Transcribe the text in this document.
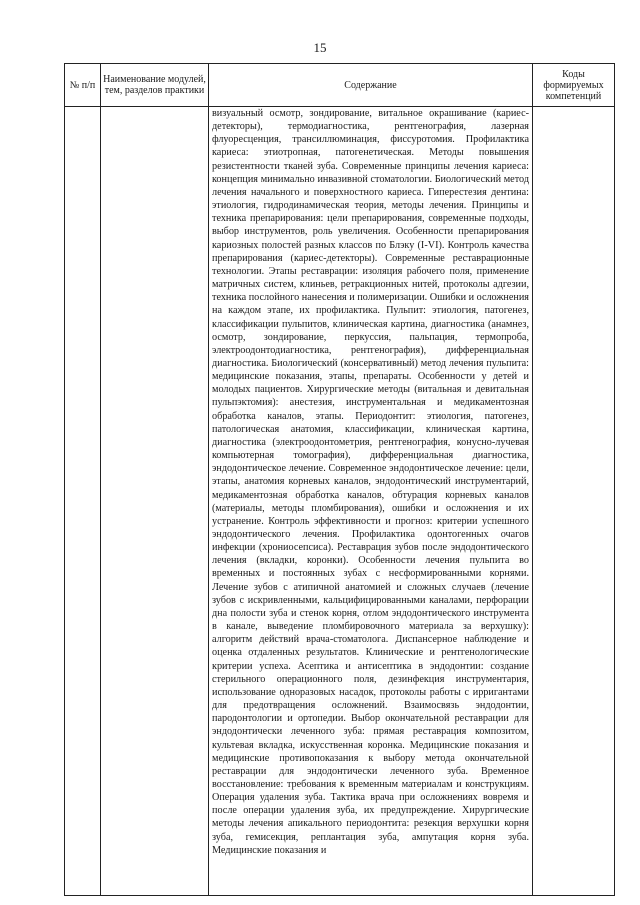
15
№ п/п	Наименование модулей, тем, разделов практики	Содержание	Коды формируемых компетенций

		визуальный осмотр, зондирование, витальное окрашивание (кариес-детекторы), термодиагностика, рентгенография, лазерная флуоресценция, трансиллюминация, фиссуротомия. Профилактика кариеса: этиотропная, патогенетическая. Методы повышения резистентности тканей зуба. Современные принципы лечения кариеса: концепция минимально инвазивной стоматологии. Биологический метод лечения начального и поверхностного кариеса. Гиперестезия дентина: этиология, гидродинамическая теория, методы лечения. Принципы и техника препарирования: цели препарирования, современные подходы, выбор инструментов, роль увеличения. Особенности препарирования кариозных полостей разных классов по Блэку (I-VI). Контроль качества препарирования (кариес-детекторы). Современные реставрационные технологии. Этапы реставрации: изоляция рабочего поля, применение матричных систем, клиньев, ретракционных нитей, протоколы адгезии, техника послойного нанесения и полимеризации. Ошибки и осложнения на каждом этапе, их профилактика. Пульпит: этиология, патогенез, классификации пульпитов, клиническая картина, диагностика (анамнез, осмотр, зондирование, перкуссия, пальпация, термопроба, электроодонтодиагностика, рентгенография), дифференциальная диагностика. Биологический (консервативный) метод лечения пульпита: медицинские показания, этапы, препараты. Особенности у детей и молодых пациентов. Хирургические методы (витальная и девитальная пульпэктомия): анестезия, инструментальная и медикаментозная обработка каналов, этапы. Периодонтит: этиология, патогенез, патологическая анатомия, классификации, клиническая картина, диагностика (электроодонтометрия, рентгенография, конусно-лучевая компьютерная томография), дифференциальная диагностика, эндодонтическое лечение. Современное эндодонтическое лечение: цели, этапы, анатомия корневых каналов, эндодонтический инструментарий, медикаментозная обработка каналов, обтурация корневых каналов (материалы, методы пломбирования), ошибки и осложнения и их устранение. Контроль эффективности и прогноз: критерии успешного эндодонтического лечения. Профилактика одонтогенных очагов инфекции (хрониосепсиса). Реставрация зубов после эндодонтического лечения (вкладки, коронки). Особенности лечения пульпита во временных и постоянных зубах с несформированными корнями. Лечение зубов с атипичной анатомией и сложных случаев (лечение зубов с искривленными, кальцифицированными каналами, перфорации дна полости зуба и стенок корня, отлом эндодонтического инструмента в канале, выведение пломбировочного материала за верхушку): алгоритм действий врача-стоматолога. Диспансерное наблюдение и оценка отдаленных результатов. Клинические и рентгенологические критерии успеха. Асептика и антисептика в эндодонтии: создание стерильного операционного поля, дезинфекция инструментария, использование одноразовых насадок, протоколы работы с ирригантами для предотвращения осложнений. Взаимосвязь эндодонтии, пародонтологии и ортопедии. Выбор окончательной реставрации для эндодонтически леченного зуба: прямая реставрация композитом, культевая вкладка, искусственная коронка. Медицинские показания и медицинские противопоказания к выбору метода окончательной реставрации для эндодонтически леченного зуба. Временное восстановление: требования к временным материалам и конструкциям. Операция удаления зуба. Тактика врача при осложнениях вовремя и после операции удаления зуба, их предупреждение. Хирургические методы лечения апикального периодонтита: резекция верхушки корня зуба, гемисекция, реплантация зуба, ампутация корня зуба. Медицинские показания и	
